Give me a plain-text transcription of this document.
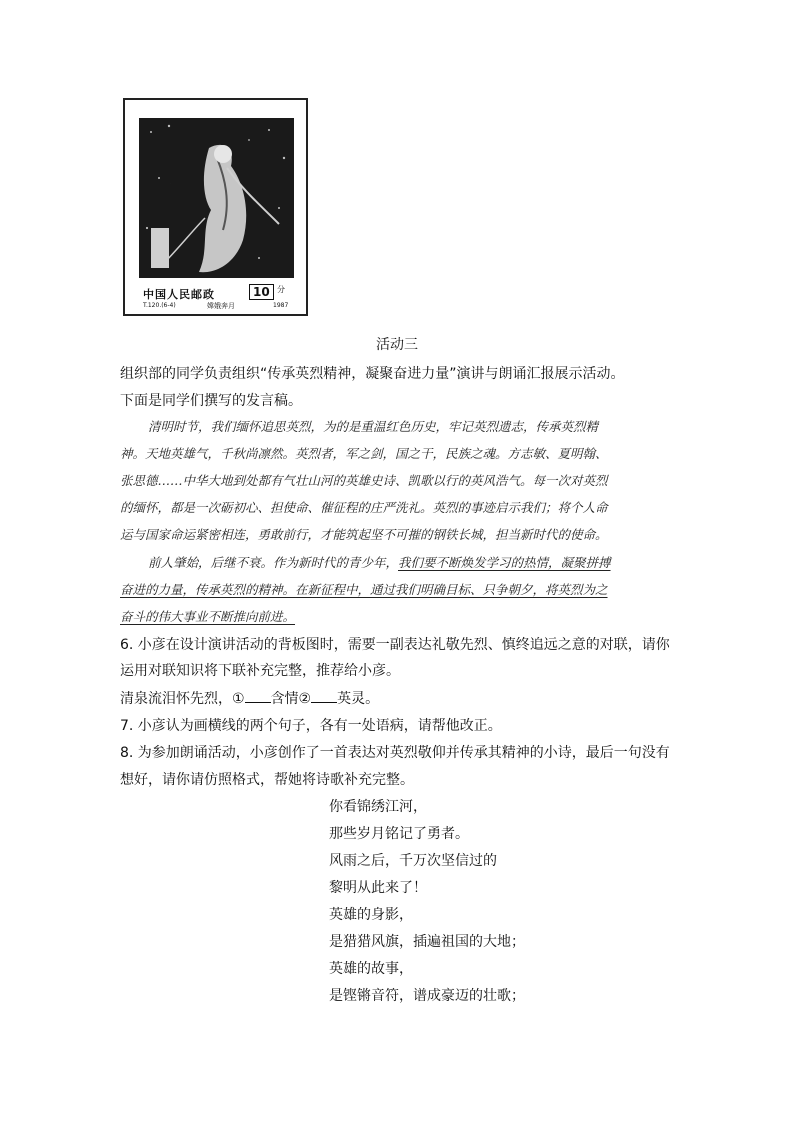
中国人民邮政	10 分
T.120.(6-4)	嫦娥奔月	1987
活动三
组织部的同学负责组织“传承英烈精神，凝聚奋进力量”演讲与朗诵汇报展示活动。
下面是同学们撰写的发言稿。
清明时节，我们缅怀追思英烈，为的是重温红色历史，牢记英烈遗志，传承英烈精
神。天地英雄气，千秋尚凛然。英烈者，军之剑，国之干，民族之魂。方志敏、夏明翰、
张思德……中华大地到处都有气壮山河的英雄史诗、凯歌以行的英风浩气。每一次对英烈
的缅怀，都是一次砺初心、担使命、催征程的庄严洗礼。英烈的事迹启示我们；将个人命
运与国家命运紧密相连，勇敢前行，才能筑起坚不可摧的钢铁长城，担当新时代的使命。
前人肇始，后继不衰。作为新时代的青少年，我们要不断焕发学习的热情，凝聚拼搏
奋进的力量，传承英烈的精神。在新征程中，通过我们明确目标、只争朝夕，将英烈为之
奋斗的伟大事业不断推向前进。
6. 小彦在设计演讲活动的背板图时，需要一副表达礼敬先烈、慎终追远之意的对联，请你
运用对联知识将下联补充完整，推荐给小彦。
清泉流泪怀先烈，① 含情② 英灵。
7. 小彦认为画横线的两个句子，各有一处语病，请帮他改正。
8. 为参加朗诵活动，小彦创作了一首表达对英烈敬仰并传承其精神的小诗，最后一句没有
想好，请你请仿照格式，帮她将诗歌补充完整。
你看锦绣江河，
那些岁月铭记了勇者。
风雨之后，千万次坚信过的
黎明从此来了！
英雄的身影，
是猎猎风旗，插遍祖国的大地；
英雄的故事，
是铿锵音符，谱成豪迈的壮歌；
